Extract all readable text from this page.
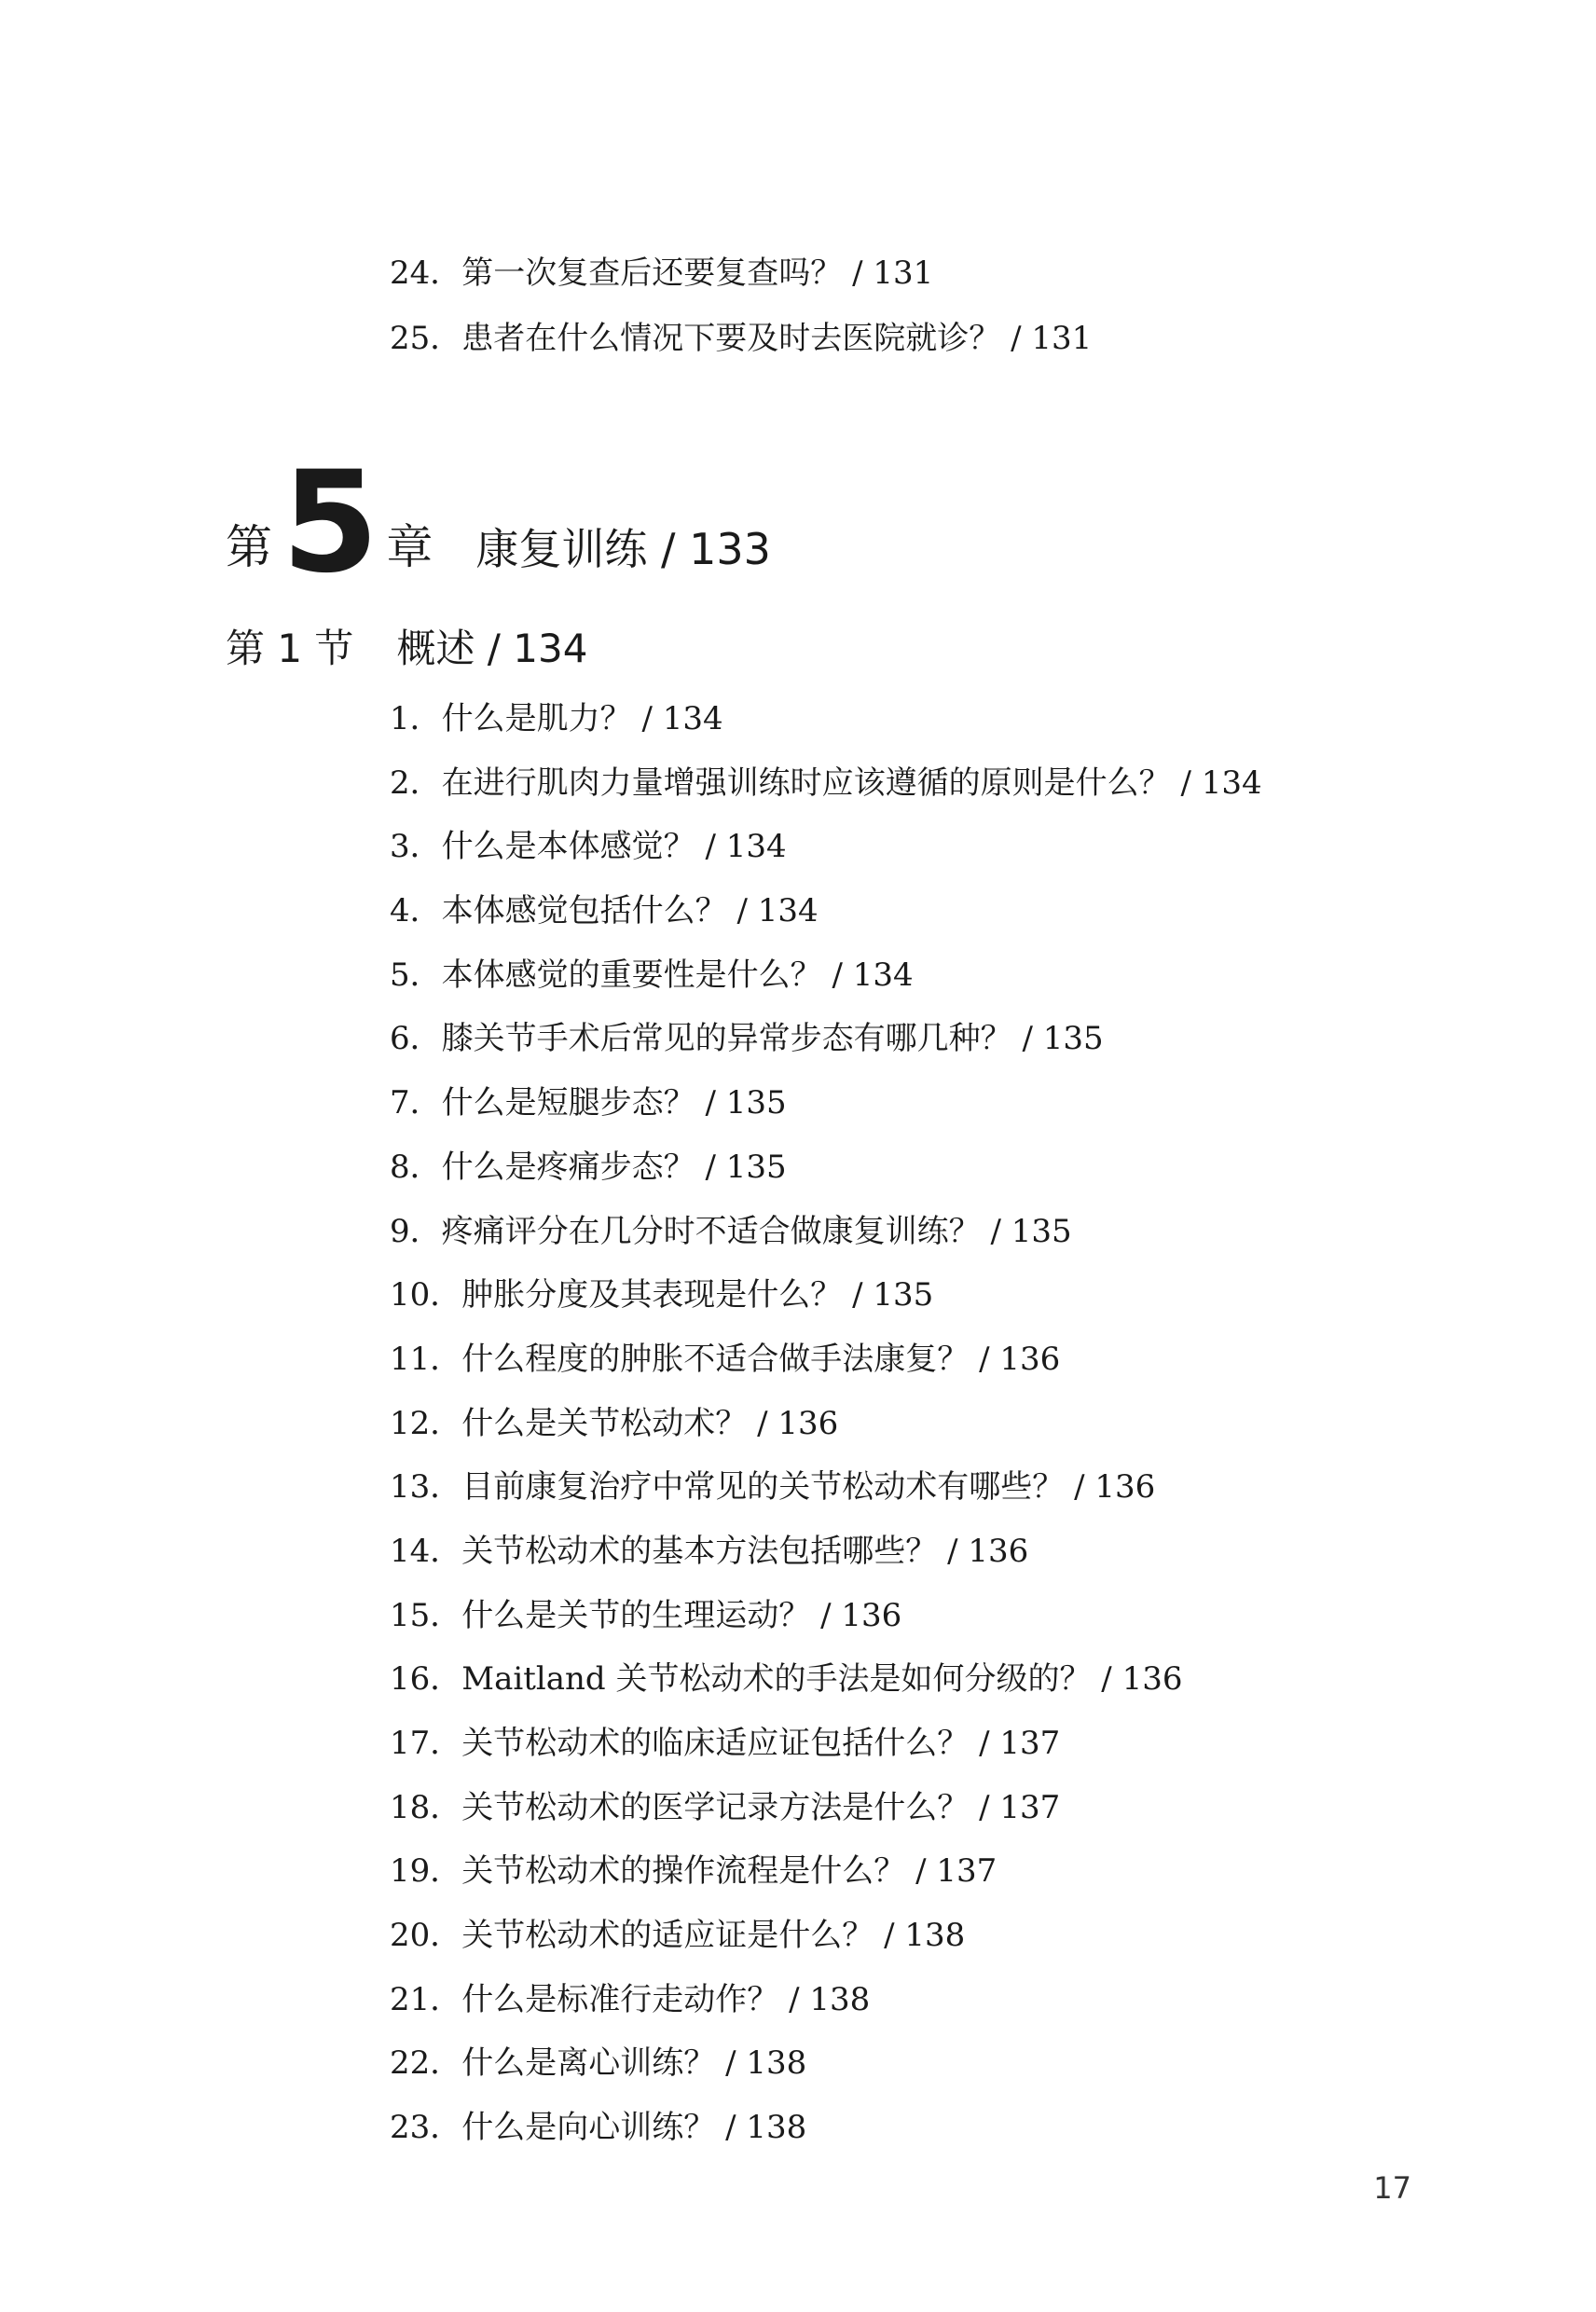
24．第一次复查后还要复查吗？ / 131
25．患者在什么情况下要及时去医院就诊？ / 131
第 5 章 康复训练 / 133
第 1 节 概述 / 134
1．什么是肌力？ / 134
2．在进行肌肉力量增强训练时应该遵循的原则是什么？ / 134
3．什么是本体感觉？ / 134
4．本体感觉包括什么？ / 134
5．本体感觉的重要性是什么？ / 134
6．膝关节手术后常见的异常步态有哪几种？ / 135
7．什么是短腿步态？ / 135
8．什么是疼痛步态？ / 135
9．疼痛评分在几分时不适合做康复训练？ / 135
10．肿胀分度及其表现是什么？ / 135
11．什么程度的肿胀不适合做手法康复？ / 136
12．什么是关节松动术？ / 136
13．目前康复治疗中常见的关节松动术有哪些？ / 136
14．关节松动术的基本方法包括哪些？ / 136
15．什么是关节的生理运动？ / 136
16．Maitland 关节松动术的手法是如何分级的？ / 136
17．关节松动术的临床适应证包括什么？ / 137
18．关节松动术的医学记录方法是什么？ / 137
19．关节松动术的操作流程是什么？ / 137
20．关节松动术的适应证是什么？ / 138
21．什么是标准行走动作？ / 138
22．什么是离心训练？ / 138
23．什么是向心训练？ / 138
17
